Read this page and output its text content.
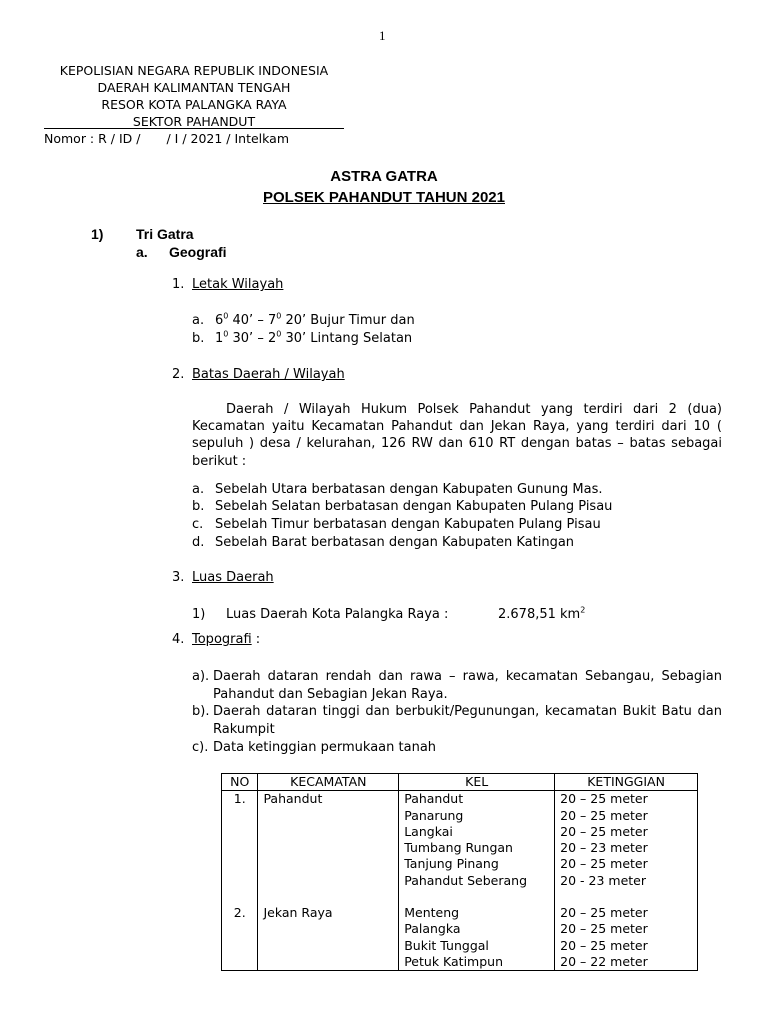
1
KEPOLISIAN NEGARA REPUBLIK INDONESIA
DAERAH KALIMANTAN TENGAH
RESOR KOTA PALANGKA RAYA
SEKTOR PAHANDUT
Nomor : R / ID / / I / 2021 / Intelkam
ASTRA GATRA
POLSEK PAHANDUT TAHUN 2021
1) Tri Gatra
a. Geografi
1. Letak Wilayah
a. $6^0$ 40’ – $7^0$ 20’ Bujur Timur dan
b. $1^0$ 30’ – $2^0$ 30’ Lintang Selatan
2. Batas Daerah / Wilayah
Daerah / Wilayah Hukum Polsek Pahandut yang terdiri dari 2 (dua) Kecamatan yaitu Kecamatan Pahandut dan Jekan Raya, yang terdiri dari 10 ( sepuluh ) desa / kelurahan, 126 RW dan 610 RT dengan batas – batas sebagai berikut :
a. Sebelah Utara berbatasan dengan Kabupaten Gunung Mas.
b. Sebelah Selatan berbatasan dengan Kabupaten Pulang Pisau
c. Sebelah Timur berbatasan dengan Kabupaten Pulang Pisau
d. Sebelah Barat berbatasan dengan Kabupaten Katingan
3. Luas Daerah
1) Luas Daerah Kota Palangka Raya :	2.678,51 $km^2$
4. Topografi :
a). Daerah dataran rendah dan rawa – rawa, kecamatan Sebangau, Sebagian Pahandut dan Sebagian Jekan Raya.
b). Daerah dataran tinggi dan berbukit/Pegunungan, kecamatan Bukit Batu dan Rakumpit
c). Data ketinggian permukaan tanah
NO	KECAMATAN	KEL	KETINGGIAN
1.	Pahandut	Pahandut	20 – 25 meter
		Panarung	20 – 25 meter
		Langkai	20 – 25 meter
		Tumbang Rungan	20 – 23 meter
		Tanjung Pinang	20 – 25 meter
		Pahandut Seberang	20 - 23 meter

2.	Jekan Raya	Menteng	20 – 25 meter
		Palangka	20 – 25 meter
		Bukit Tunggal	20 – 25 meter
		Petuk Katimpun	20 – 22 meter
